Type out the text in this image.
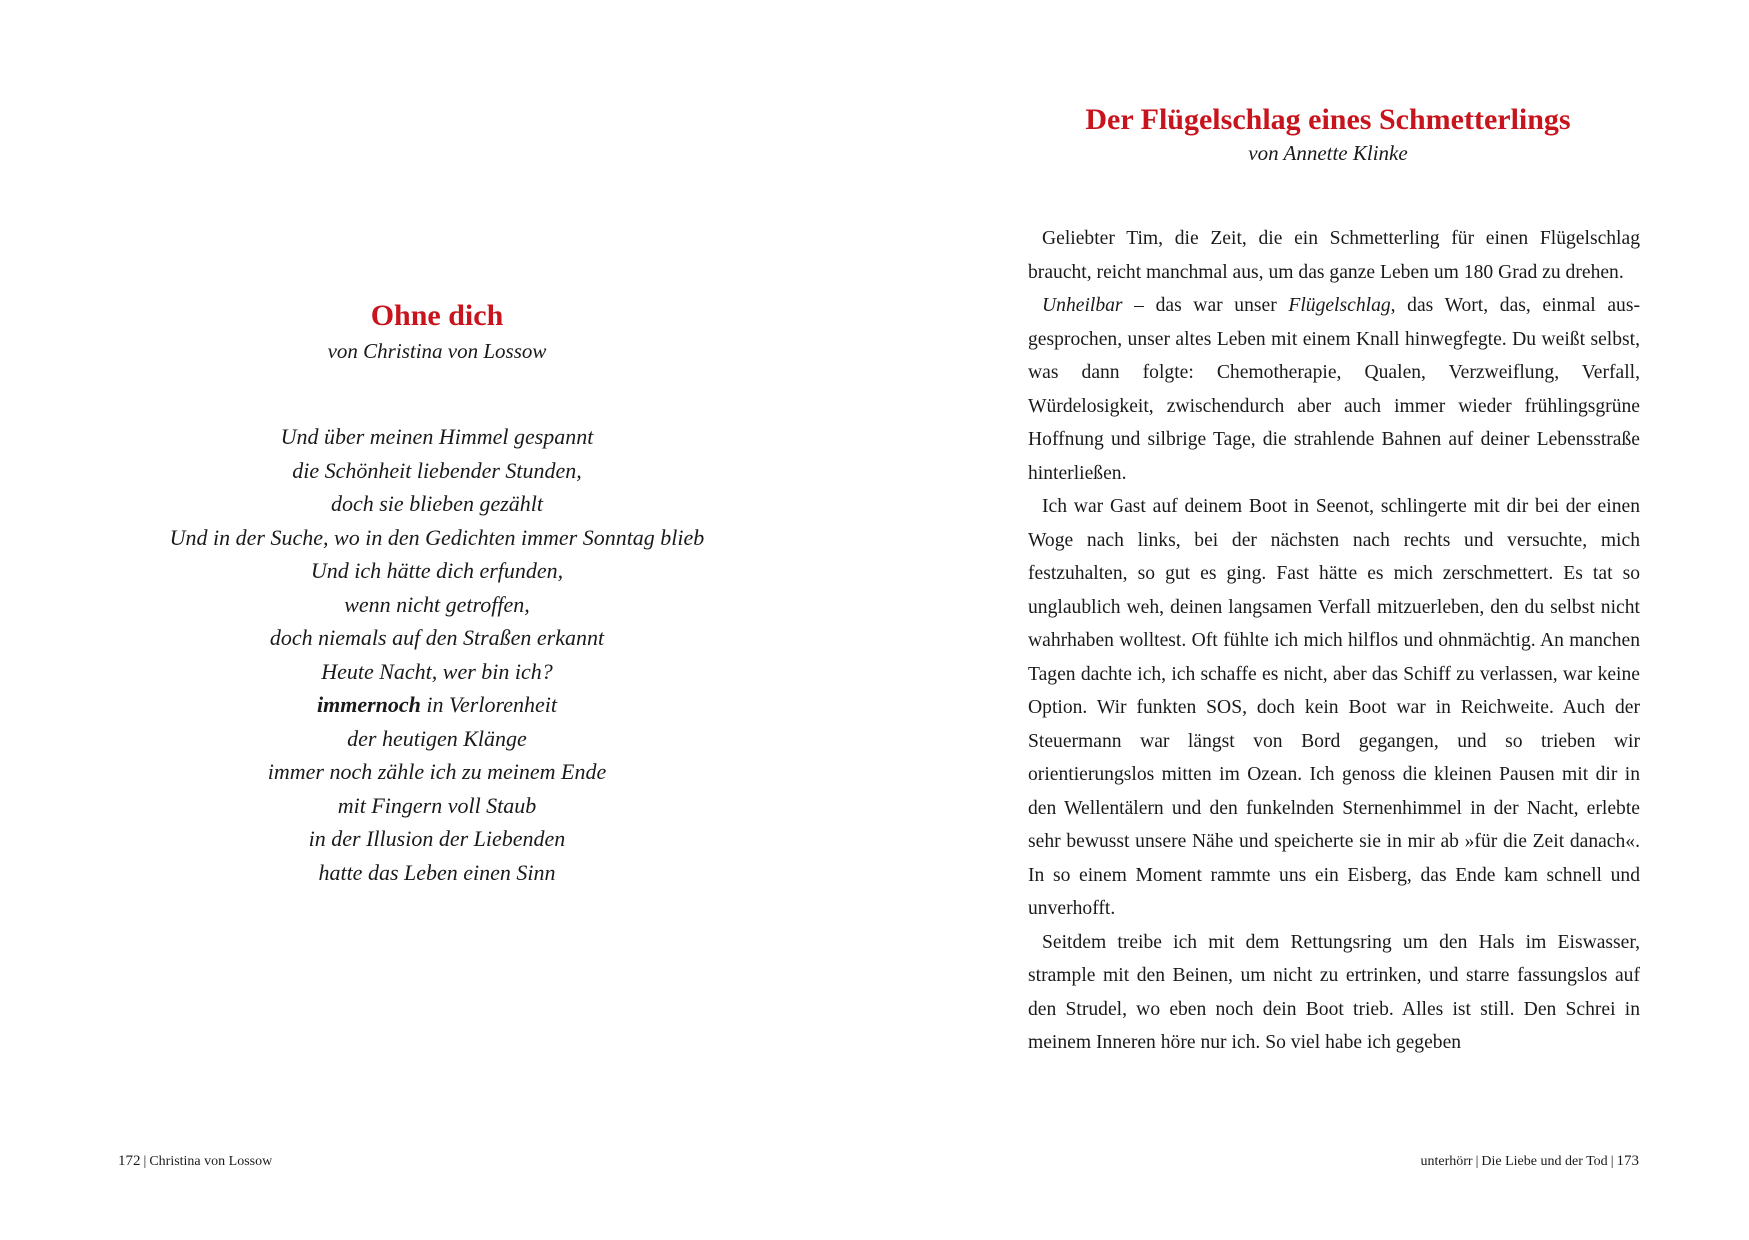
Ohne dich
von Christina von Lossow
Und über meinen Himmel gespannt
die Schönheit liebender Stunden,
doch sie blieben gezählt
Und in der Suche, wo in den Gedichten immer Sonntag blieb
Und ich hätte dich erfunden,
wenn nicht getroffen,
doch niemals auf den Straßen erkannt
Heute Nacht, wer bin ich?
immernoch in Verlorenheit
der heutigen Klänge
immer noch zähle ich zu meinem Ende
mit Fingern voll Staub
in der Illusion der Liebenden
hatte das Leben einen Sinn
172 | Christina von Lossow
Der Flügelschlag eines Schmetterlings
von Annette Klinke

Geliebter Tim, die Zeit, die ein Schmetterling für einen Flügelschlag braucht, reicht manchmal aus, um das ganze Leben um 180 Grad zu drehen.

Unheilbar – das war unser Flügelschlag, das Wort, das, einmal ausgesprochen, unser altes Leben mit einem Knall hinwegfegte. Du weißt selbst, was dann folgte: Chemotherapie, Qualen, Verzweiflung, Verfall, Würdelosigkeit, zwischendurch aber auch immer wieder frühlingsgrüne Hoffnung und silbrige Tage, die strahlende Bahnen auf deiner Lebensstraße hinterließen.

Ich war Gast auf deinem Boot in Seenot, schlingerte mit dir bei der einen Woge nach links, bei der nächsten nach rechts und versuchte, mich festzuhalten, so gut es ging. Fast hätte es mich zerschmettert. Es tat so unglaublich weh, deinen langsamen Verfall mitzuerleben, den du selbst nicht wahrhaben wolltest. Oft fühlte ich mich hilflos und ohnmächtig. An manchen Tagen dachte ich, ich schaffe es nicht, aber das Schiff zu verlassen, war keine Option. Wir funkten SOS, doch kein Boot war in Reichweite. Auch der Steuermann war längst von Bord gegangen, und so trieben wir orientierungslos mitten im Ozean. Ich genoss die kleinen Pausen mit dir in den Wellentälern und den funkelnden Sternenhimmel in der Nacht, erlebte sehr bewusst unsere Nähe und speicherte sie in mir ab »für die Zeit danach«. In so einem Moment rammte uns ein Eisberg, das Ende kam schnell und unverhofft.

Seitdem treibe ich mit dem Rettungsring um den Hals im Eiswasser, strample mit den Beinen, um nicht zu ertrinken, und starre fassungslos auf den Strudel, wo eben noch dein Boot trieb. Alles ist still. Den Schrei in meinem Inneren höre nur ich. So viel habe ich gegeben

unterhörr | Die Liebe und der Tod | 173
